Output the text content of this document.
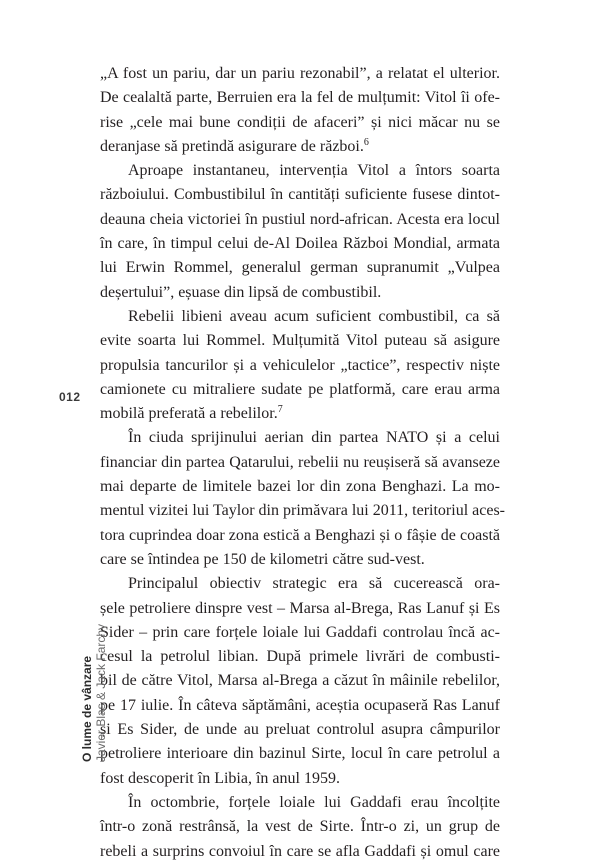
„A fost un pariu, dar un pariu rezonabil”, a relatat el ulterior.
De cealaltă parte, Berruien era la fel de mulțumit: Vitol îi ofe-
rise „cele mai bune condiții de afaceri” și nici măcar nu se
deranjase să pretindă asigurare de război.$^6$
Aproape instantaneu, intervenția Vitol a întors soarta
războiului. Combustibilul în cantități suficiente fusese dintot-
deauna cheia victoriei în pustiul nord-african. Acesta era locul
în care, în timpul celui de-Al Doilea Război Mondial, armata
lui Erwin Rommel, generalul german supranumit „Vulpea
deșertului”, eșuase din lipsă de combustibil.
Rebelii libieni aveau acum suficient combustibil, ca să
evite soarta lui Rommel. Mulțumită Vitol puteau să asigure
propulsia tancurilor și a vehiculelor „tactice”, respectiv niște
camionete cu mitraliere sudate pe platformă, care erau arma
mobilă preferată a rebelilor.$^7$
În ciuda sprijinului aerian din partea NATO și a celui
financiar din partea Qatarului, rebelii nu reușiseră să avanseze
mai departe de limitele bazei lor din zona Benghazi. La mo-
mentul vizitei lui Taylor din primăvara lui 2011, teritoriul aces-
tora cuprindea doar zona estică a Benghazi și o fâșie de coastă
care se întindea pe 150 de kilometri către sud-vest.
Principalul obiectiv strategic era să cucerească ora-
șele petroliere dinspre vest – Marsa al-Brega, Ras Lanuf și Es
Sider – prin care forțele loiale lui Gaddafi controlau încă ac-
cesul la petrolul libian. După primele livrări de combusti-
bil de către Vitol, Marsa al-Brega a căzut în mâinile rebelilor,
pe 17 iulie. În câteva săptămâni, aceștia ocupaseră Ras Lanuf
și Es Sider, de unde au preluat controlul asupra câmpurilor
petroliere interioare din bazinul Sirte, locul în care petrolul a
fost descoperit în Libia, în anul 1959.
În octombrie, forțele loiale lui Gaddafi erau încolțite
într-o zonă restrânsă, la vest de Sirte. Într-o zi, un grup de
rebeli a surprins convoiul în care se afla Gaddafi și omul care
012
O lume de vânzare Javier Blas & Jack Farchy
